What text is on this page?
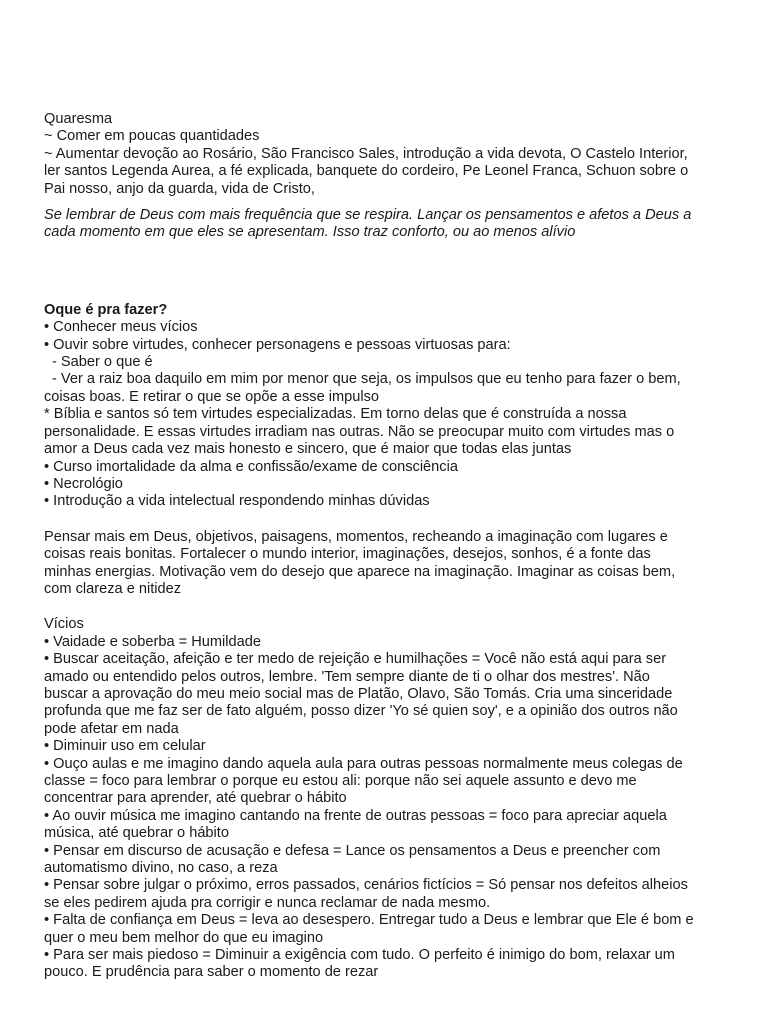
Quaresma
~ Comer em poucas quantidades
~ Aumentar devoção ao Rosário, São Francisco Sales, introdução a vida devota, O Castelo Interior,
ler santos Legenda Aurea, a fé explicada, banquete do cordeiro, Pe Leonel Franca, Schuon sobre o
Pai nosso, anjo da guarda, vida de Cristo,
Se lembrar de Deus com mais frequência que se respira. Lançar os pensamentos e afetos a Deus a
cada momento em que eles se apresentam. Isso traz conforto, ou ao menos alívio
Oque é pra fazer?
• Conhecer meus vícios
• Ouvir sobre virtudes, conhecer personagens e pessoas virtuosas para:
- Saber o que é
- Ver a raiz boa daquilo em mim por menor que seja, os impulsos que eu tenho para fazer o bem,
coisas boas. E retirar o que se opõe a esse impulso
* Bíblia e santos só tem virtudes especializadas. Em torno delas que é construída a nossa
personalidade. E essas virtudes irradiam nas outras. Não se preocupar muito com virtudes mas o
amor a Deus cada vez mais honesto e sincero, que é maior que todas elas juntas
• Curso imortalidade da alma e confissão/exame de consciência
• Necrológio
• Introdução a vida intelectual respondendo minhas dúvidas
Pensar mais em Deus, objetivos, paisagens, momentos, recheando a imaginação com lugares e
coisas reais bonitas. Fortalecer o mundo interior, imaginações, desejos, sonhos, é a fonte das
minhas energias. Motivação vem do desejo que aparece na imaginação. Imaginar as coisas bem,
com clareza e nitidez
Vícios
• Vaidade e soberba = Humildade
• Buscar aceitação, afeição e ter medo de rejeição e humilhações = Você não está aqui para ser
amado ou entendido pelos outros, lembre. 'Tem sempre diante de ti o olhar dos mestres'. Não
buscar a aprovação do meu meio social mas de Platão, Olavo, São Tomás. Cria uma sinceridade
profunda que me faz ser de fato alguém, posso dizer 'Yo sé quien soy', e a opinião dos outros não
pode afetar em nada
• Diminuir uso em celular
• Ouço aulas e me imagino dando aquela aula para outras pessoas normalmente meus colegas de
classe = foco para lembrar o porque eu estou ali: porque não sei aquele assunto e devo me
concentrar para aprender, até quebrar o hábito
• Ao ouvir música me imagino cantando na frente de outras pessoas = foco para apreciar aquela
música, até quebrar o hábito
• Pensar em discurso de acusação e defesa = Lance os pensamentos a Deus e preencher com
automatismo divino, no caso, a reza
• Pensar sobre julgar o próximo, erros passados, cenários fictícios = Só pensar nos defeitos alheios
se eles pedirem ajuda pra corrigir e nunca reclamar de nada mesmo.
• Falta de confiança em Deus = leva ao desespero. Entregar tudo a Deus e lembrar que Ele é bom e
quer o meu bem melhor do que eu imagino
• Para ser mais piedoso = Diminuir a exigência com tudo. O perfeito é inimigo do bom, relaxar um
pouco. E prudência para saber o momento de rezar
